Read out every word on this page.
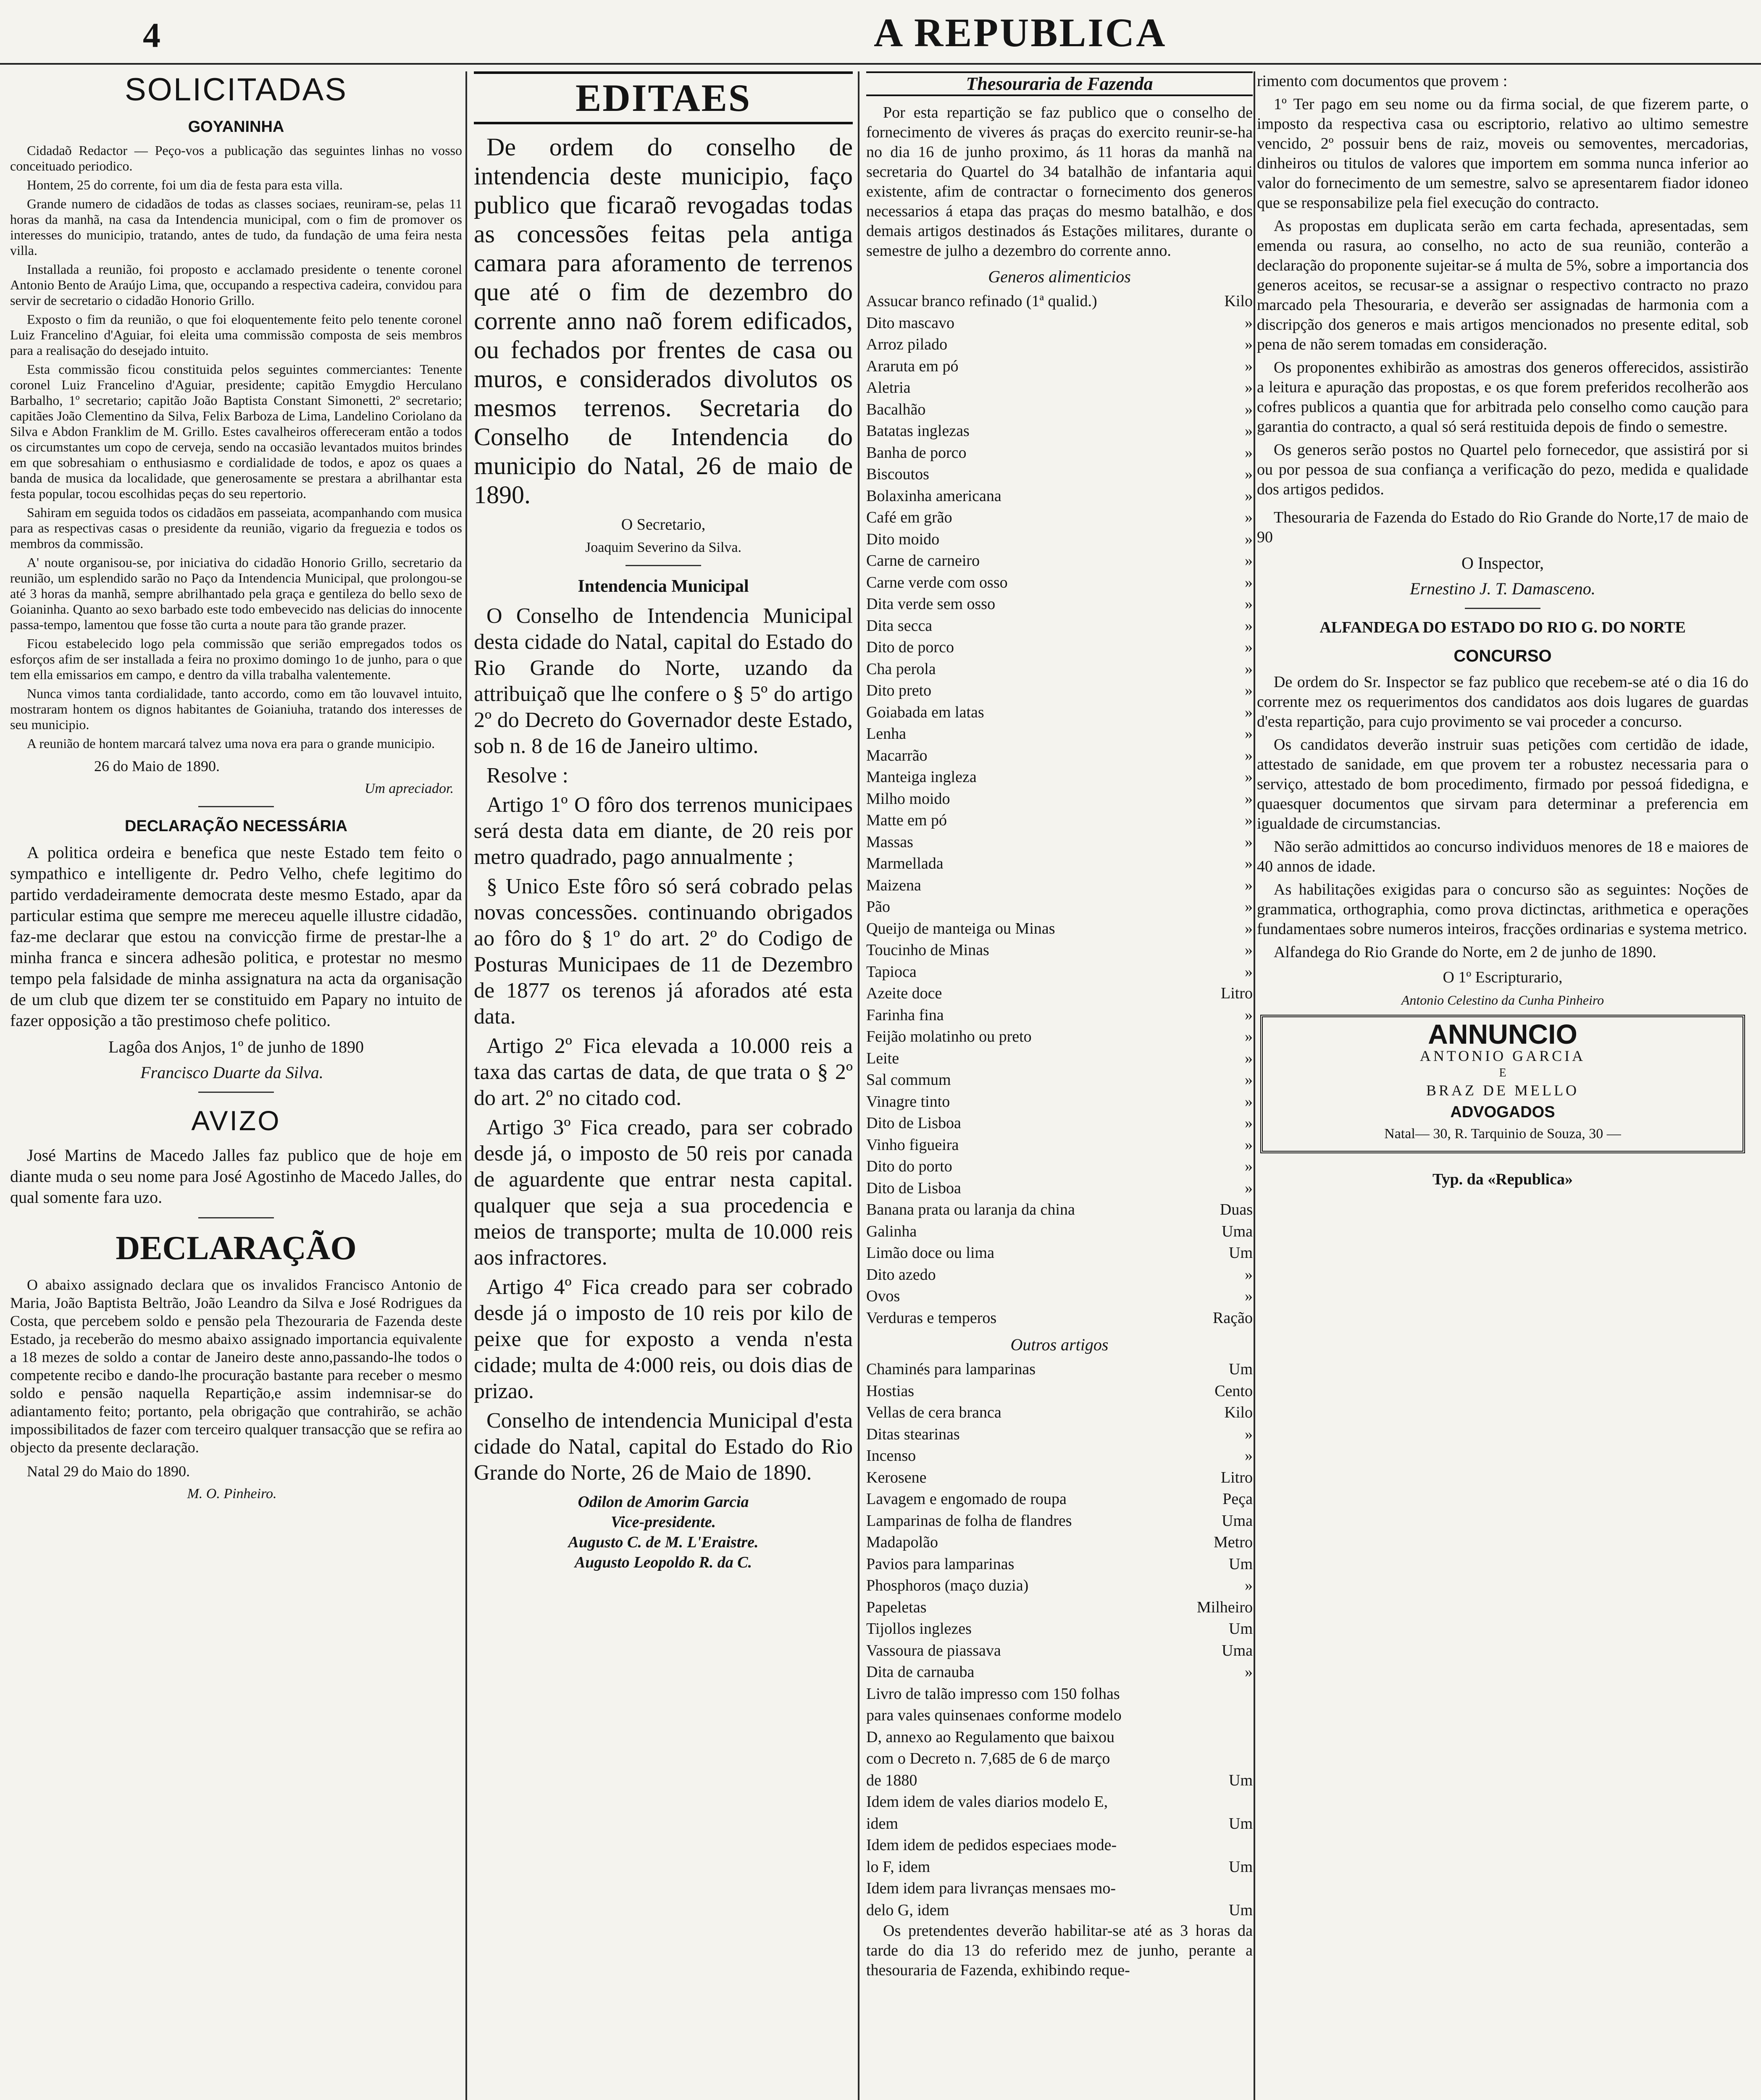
4	A REPUBLICA
SOLICITADAS
GOYANINHA

Cidadaõ Redactor — Peço-vos a publicação das seguintes linhas no vosso conceituado periodico.

Hontem, 25 do corrente, foi um dia de festa para esta villa.

Grande numero de cidadãos de todas as classes sociaes, reuniram-se, pelas 11 horas da manhã, na casa da Intendencia municipal, com o fim de promover os interesses do municipio, tratando, antes de tudo, da fundação de uma feira nesta villa.

Installada a reunião, foi proposto e acclamado presidente o tenente coronel Antonio Bento de Araújo Lima, que, occupando a respectiva cadeira, convidou para servir de secretario o cidadão Honorio Grillo.

Exposto o fim da reunião, o que foi eloquentemente feito pelo tenente coronel Luiz Francelino d'Aguiar, foi eleita uma commissão composta de seis membros para a realisação do desejado intuito.

Esta commissão ficou constituida pelos seguintes commerciantes: Tenente coronel Luiz Francelino d'Aguiar, presidente; capitão Emygdio Herculano Barbalho, 1º secretario; capitão João Baptista Constant Simonetti, 2º secretario; capitães João Clementino da Silva, Felix Barboza de Lima, Landelino Coriolano da Silva e Abdon Franklim de M. Grillo. Estes cavalheiros offereceram então a todos os circumstantes um copo de cerveja, sendo na occasião levantados muitos brindes em que sobresahiam o enthusiasmo e cordialidade de todos, e apoz os quaes a banda de musica da localidade, que generosamente se prestara a abrilhantar esta festa popular, tocou escolhidas peças do seu repertorio.

Sahiram em seguida todos os cidadãos em passeiata, acompanhando com musica para as respectivas casas o presidente da reunião, vigario da freguezia e todos os membros da commissão.

A' noute organisou-se, por iniciativa do cidadão Honorio Grillo, secretario da reunião, um esplendido sarão no Paço da Intendencia Municipal, que prolongou-se até 3 horas da manhã, sempre abrilhantado pela graça e gentileza do bello sexo de Goianinha. Quanto ao sexo barbado este todo embevecido nas delicias do innocente passa-tempo, lamentou que fosse tão curta a noute para tão grande prazer.

Ficou estabelecido logo pela commissão que serião empregados todos os esforços afim de ser installada a feira no proximo domingo 1o de junho, para o que tem ella emissarios em campo, e dentro da villa trabalha valentemente.

Nunca vimos tanta cordialidade, tanto accordo, como em tão louvavel intuito, mostraram hontem os dignos habitantes de Goianiuha, tratando dos interesses de seu municipio.

A reunião de hontem marcará talvez uma nova era para o grande municipio.

26 do Maio de 1890.
Um apreciador.
DECLARAÇÃO NECESSÁRIA

A politica ordeira e benefica que neste Estado tem feito o sympathico e intelligente dr. Pedro Velho, chefe legitimo do partido verdadeiramente democrata deste mesmo Estado, apar da particular estima que sempre me mereceu aquelle illustre cidadão, faz-me declarar que estou na convicção firme de prestar-lhe a minha franca e sincera adhesão politica, e protestar no mesmo tempo pela falsidade de minha assignatura na acta da organisação de um club que dizem ter se constituido em Papary no intuito de fazer opposição a tão prestimoso chefe politico.

Lagôa dos Anjos, 1º de junho de 1890
Francisco Duarte da Silva.
AVIZO

José Martins de Macedo Jalles faz publico que de hoje em diante muda o seu nome para José Agostinho de Macedo Jalles, do qual somente fara uzo.

DECLARAÇÃO

O abaixo assignado declara que os invalidos Francisco Antonio de Maria, João Baptista Beltrão, João Leandro da Silva e José Rodrigues da Costa, que percebem soldo e pensão pela Thezouraria de Fazenda deste Estado, ja receberão do mesmo abaixo assignado importancia equivalente a 18 mezes de soldo a contar de Janeiro deste anno,passando-lhe todos o competente recibo e dando-lhe procuração bastante para receber o mesmo soldo e pensão naquella Repartição,e assim indemnisar-se do adiantamento feito; portanto, pela obrigação que contrahirão, se achão impossibilitados de fazer com terceiro qualquer transacção que se refira ao objecto da presente declaração.

Natal 29 do Maio do 1890.
M. O. Pinheiro.
EDITAES

De ordem do conselho de intendencia deste municipio, faço publico que ficaraõ revogadas todas as concessões feitas pela antiga camara para aforamento de terrenos que até o fim de dezembro do corrente anno naõ forem edificados, ou fechados por frentes de casa ou muros, e considerados divolutos os mesmos terrenos. Secretaria do Conselho de Intendencia do municipio do Natal, 26 de maio de 1890.

O Secretario,
Joaquim Severino da Silva.
Intendencia Municipal

O Conselho de Intendencia Municipal desta cidade do Natal, capital do Estado do Rio Grande do Norte, uzando da attribuiçaõ que lhe confere o § 5º do artigo 2º do Decreto do Governador deste Estado, sob n. 8 de 16 de Janeiro ultimo.

Resolve :

Artigo 1º O fôro dos terrenos municipaes será desta data em diante, de 20 reis por metro quadrado, pago annualmente ;

§ Unico Este fôro só será cobrado pelas novas concessões. continuando obrigados ao fôro do § 1º do art. 2º do Codigo de Posturas Municipaes de 11 de Dezembro de 1877 os terenos já aforados até esta data.

Artigo 2º Fica elevada a 10.000 reis a taxa das cartas de data, de que trata o § 2º do art. 2º no citado cod.

Artigo 3º Fica creado, para ser cobrado desde já, o imposto de 50 reis por canada de aguardente que entrar nesta capital. qualquer que seja a sua procedencia e meios de transporte; multa de 10.000 reis aos infractores.

Artigo 4º Fica creado para ser cobrado desde já o imposto de 10 reis por kilo de peixe que for exposto a venda n'esta cidade; multa de 4:000 reis, ou dois dias de prizao.

Conselho de intendencia Municipal d'esta cidade do Natal, capital do Estado do Rio Grande do Norte, 26 de Maio de 1890.

Odilon de Amorim Garcia
Vice-presidente.
Augusto C. de M. L'Eraistre.
Augusto Leopoldo R. da C.
Thesouraria de Fazenda

Por esta repartição se faz publico que o conselho de fornecimento de viveres ás praças do exercito reunir-se-ha no dia 16 de junho proximo, ás 11 horas da manhã na secretaria do Quartel do 34 batalhão de infantaria aqui existente, afim de contractar o fornecimento dos generos necessarios á etapa das praças do mesmo batalhão, e dos demais artigos destinados ás Estações militares, durante o semestre de julho a dezembro do corrente anno.

Generos alimenticios
Assucar branco refinado (1ª qualid.)	Kilo
Dito mascavo	»
Arroz pilado	»
Araruta em pó	»
Aletria	»
Bacalhão	»
Batatas inglezas	»
Banha de porco	»
Biscoutos	»
Bolaxinha americana	»
Café em grão	»
Dito moido	»
Carne de carneiro	»
Carne verde com osso	»
Dita verde sem osso	»
Dita secca	»
Dito de porco	»
Cha perola	»
Dito preto	»
Goiabada em latas	»
Lenha	»
Macarrão	»
Manteiga ingleza	»
Milho moido	»
Matte em pó	»
Massas	»
Marmellada	»
Maizena	»
Pão	»
Queijo de manteiga ou Minas	»
Toucinho de Minas	»
Tapioca	»
Azeite doce	Litro
Farinha fina	»
Feijão molatinho ou preto	»
Leite	»
Sal commum	»
Vinagre tinto	»
Dito de Lisboa	»
Vinho figueira	»
Dito do porto	»
Dito de Lisboa	»
Banana prata ou laranja da china	Duas
Galinha	Uma
Limão doce ou lima	Um
Dito azedo	»
Ovos	»
Verduras e temperos	Ração
Outros artigos
Chaminés para lamparinas	Um
Hostias	Cento
Vellas de cera branca	Kilo
Ditas stearinas	»
Incenso	»
Kerosene	Litro
Lavagem e engomado de roupa	Peça
Lamparinas de folha de flandres	Uma
Madapolão	Metro
Pavios para lamparinas	Um
Phosphoros (maço duzia)	»
Papeletas	Milheiro
Tijollos inglezes	Um
Vassoura de piassava	Uma
Dita de carnauba	»
Livro de talão impresso com 150 folhas
para vales quinsenaes conforme modelo
D, annexo ao Regulamento que baixou
com o Decreto n. 7,685 de 6 de março
de 1880	Um
Idem idem de vales diarios modelo E,
idem	Um
Idem idem de pedidos especiaes mode-
lo F, idem	Um
Idem idem para livranças mensaes mo-
delo G, idem	Um

Os pretendentes deverão habilitar-se até as 3 horas da tarde do dia 13 do referido mez de junho, perante a thesouraria de Fazenda, exhibindo reque-

rimento com documentos que provem :

1º Ter pago em seu nome ou da firma social, de que fizerem parte, o imposto da respectiva casa ou escriptorio, relativo ao ultimo semestre vencido, 2º possuir bens de raiz, moveis ou semoventes, mercadorias, dinheiros ou titulos de valores que importem em somma nunca inferior ao valor do fornecimento de um semestre, salvo se apresentarem fiador idoneo que se responsabilize pela fiel execução do contracto.

As propostas em duplicata serão em carta fechada, apresentadas, sem emenda ou rasura, ao conselho, no acto de sua reunião, conterão a declaração do proponente sujeitar-se á multa de 5%, sobre a importancia dos generos aceitos, se recusar-se a assignar o respectivo contracto no prazo marcado pela Thesouraria, e deverão ser assignadas de harmonia com a discripção dos generos e mais artigos mencionados no presente edital, sob pena de não serem tomadas em consideração.

Os proponentes exhibirão as amostras dos generos offerecidos, assistirão a leitura e apuração das propostas, e os que forem preferidos recolherão aos cofres publicos a quantia que for arbitrada pelo conselho como caução para garantia do contracto, a qual só será restituida depois de findo o semestre.

Os generos serão postos no Quartel pelo fornecedor, que assistirá por si ou por pessoa de sua confiança a verificação do pezo, medida e qualidade dos artigos pedidos.

Thesouraria de Fazenda do Estado do Rio Grande do Norte,17 de maio de 90

O Inspector,
Ernestino J. T. Damasceno.
ALFANDEGA DO ESTADO DO RIO G. DO NORTE
CONCURSO

De ordem do Sr. Inspector se faz publico que recebem-se até o dia 16 do corrente mez os requerimentos dos candidatos aos dois lugares de guardas d'esta repartição, para cujo provimento se vai proceder a concurso.

Os candidatos deverão instruir suas petições com certidão de idade, attestado de sanidade, em que provem ter a robustez necessaria para o serviço, attestado de bom procedimento, firmado por pessoá fidedigna, e quaesquer documentos que sirvam para determinar a preferencia em igualdade de circumstancias.

Não serão admittidos ao concurso individuos menores de 18 e maiores de 40 annos de idade.

As habilitações exigidas para o concurso são as seguintes: Noções de grammatica, orthographia, como prova dictinctas, arithmetica e operações fundamentaes sobre numeros inteiros, fracções ordinarias e systema metrico.

Alfandega do Rio Grande do Norte, em 2 de junho de 1890.

O 1º Escripturario,
Antonio Celestino da Cunha Pinheiro
ANNUNCIO
ANTONIO GARCIA
E
BRAZ DE MELLO
ADVOGADOS
Natal— 30, R. Tarquinio de Souza, 30 —
Typ. da «Republica»
